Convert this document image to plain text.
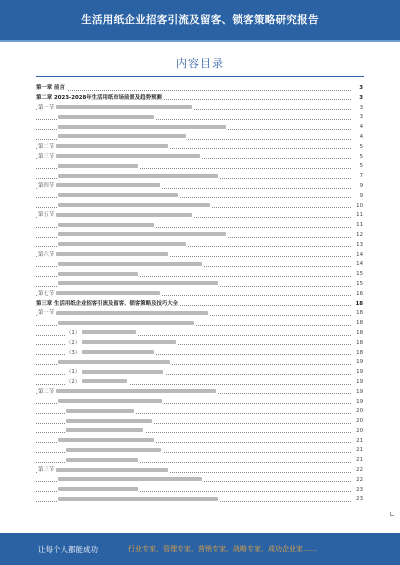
生活用纸企业招客引流及留客、锁客策略研究报告
内容目录
第一章 前言	3
第二章 2023-2028年生活用纸市场前景及趋势预测	3
第一节	3
3
4
4
第二节	5
第三节	5
5
7
第四节	9
9
10
第五节	11
11
12
13
第六节	14
14
15
15
第七节	16
第三章 生活用纸企业招客引流及留客、锁客策略及技巧大全	18
第一节	18
18
（1）	18
（2）	18
（3）	18
19
（1）	19
（2）	19
第二节	19
19
20
20
20
21
21
21
第三节	22
22
23
23
让每个人都能成功	行业专家，管理专家，营销专家，战略专家，成功企业家……
